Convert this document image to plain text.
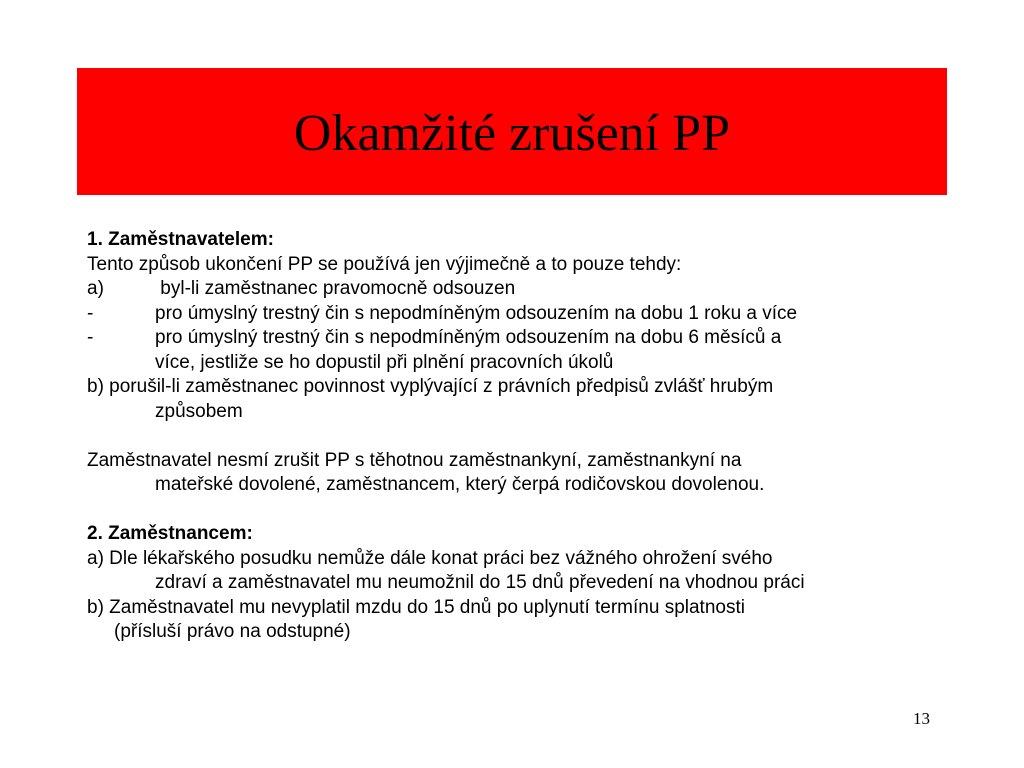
Okamžité zrušení PP
1. Zaměstnavatelem:
Tento způsob ukončení PP se používá jen výjimečně a to pouze tehdy:
a)	byl-li zaměstnanec pravomocně odsouzen
-	pro úmyslný trestný čin s nepodmíněným odsouzením na dobu 1 roku a více
-	pro úmyslný trestný čin s nepodmíněným odsouzením na dobu 6 měsíců a
více, jestliže se ho dopustil při plnění pracovních úkolů
b) porušil-li zaměstnanec povinnost vyplývající z právních předpisů zvlášť hrubým
způsobem
Zaměstnavatel nesmí zrušit PP s těhotnou zaměstnankyní, zaměstnankyní na
mateřské dovolené, zaměstnancem, který čerpá rodičovskou dovolenou.
2. Zaměstnancem:
a) Dle lékařského posudku nemůže dále konat práci bez vážného ohrožení svého
zdraví a zaměstnavatel mu neumožnil do 15 dnů převedení na vhodnou práci
b) Zaměstnavatel mu nevyplatil mzdu do 15 dnů po uplynutí termínu splatnosti
(přísluší právo na odstupné)
13
